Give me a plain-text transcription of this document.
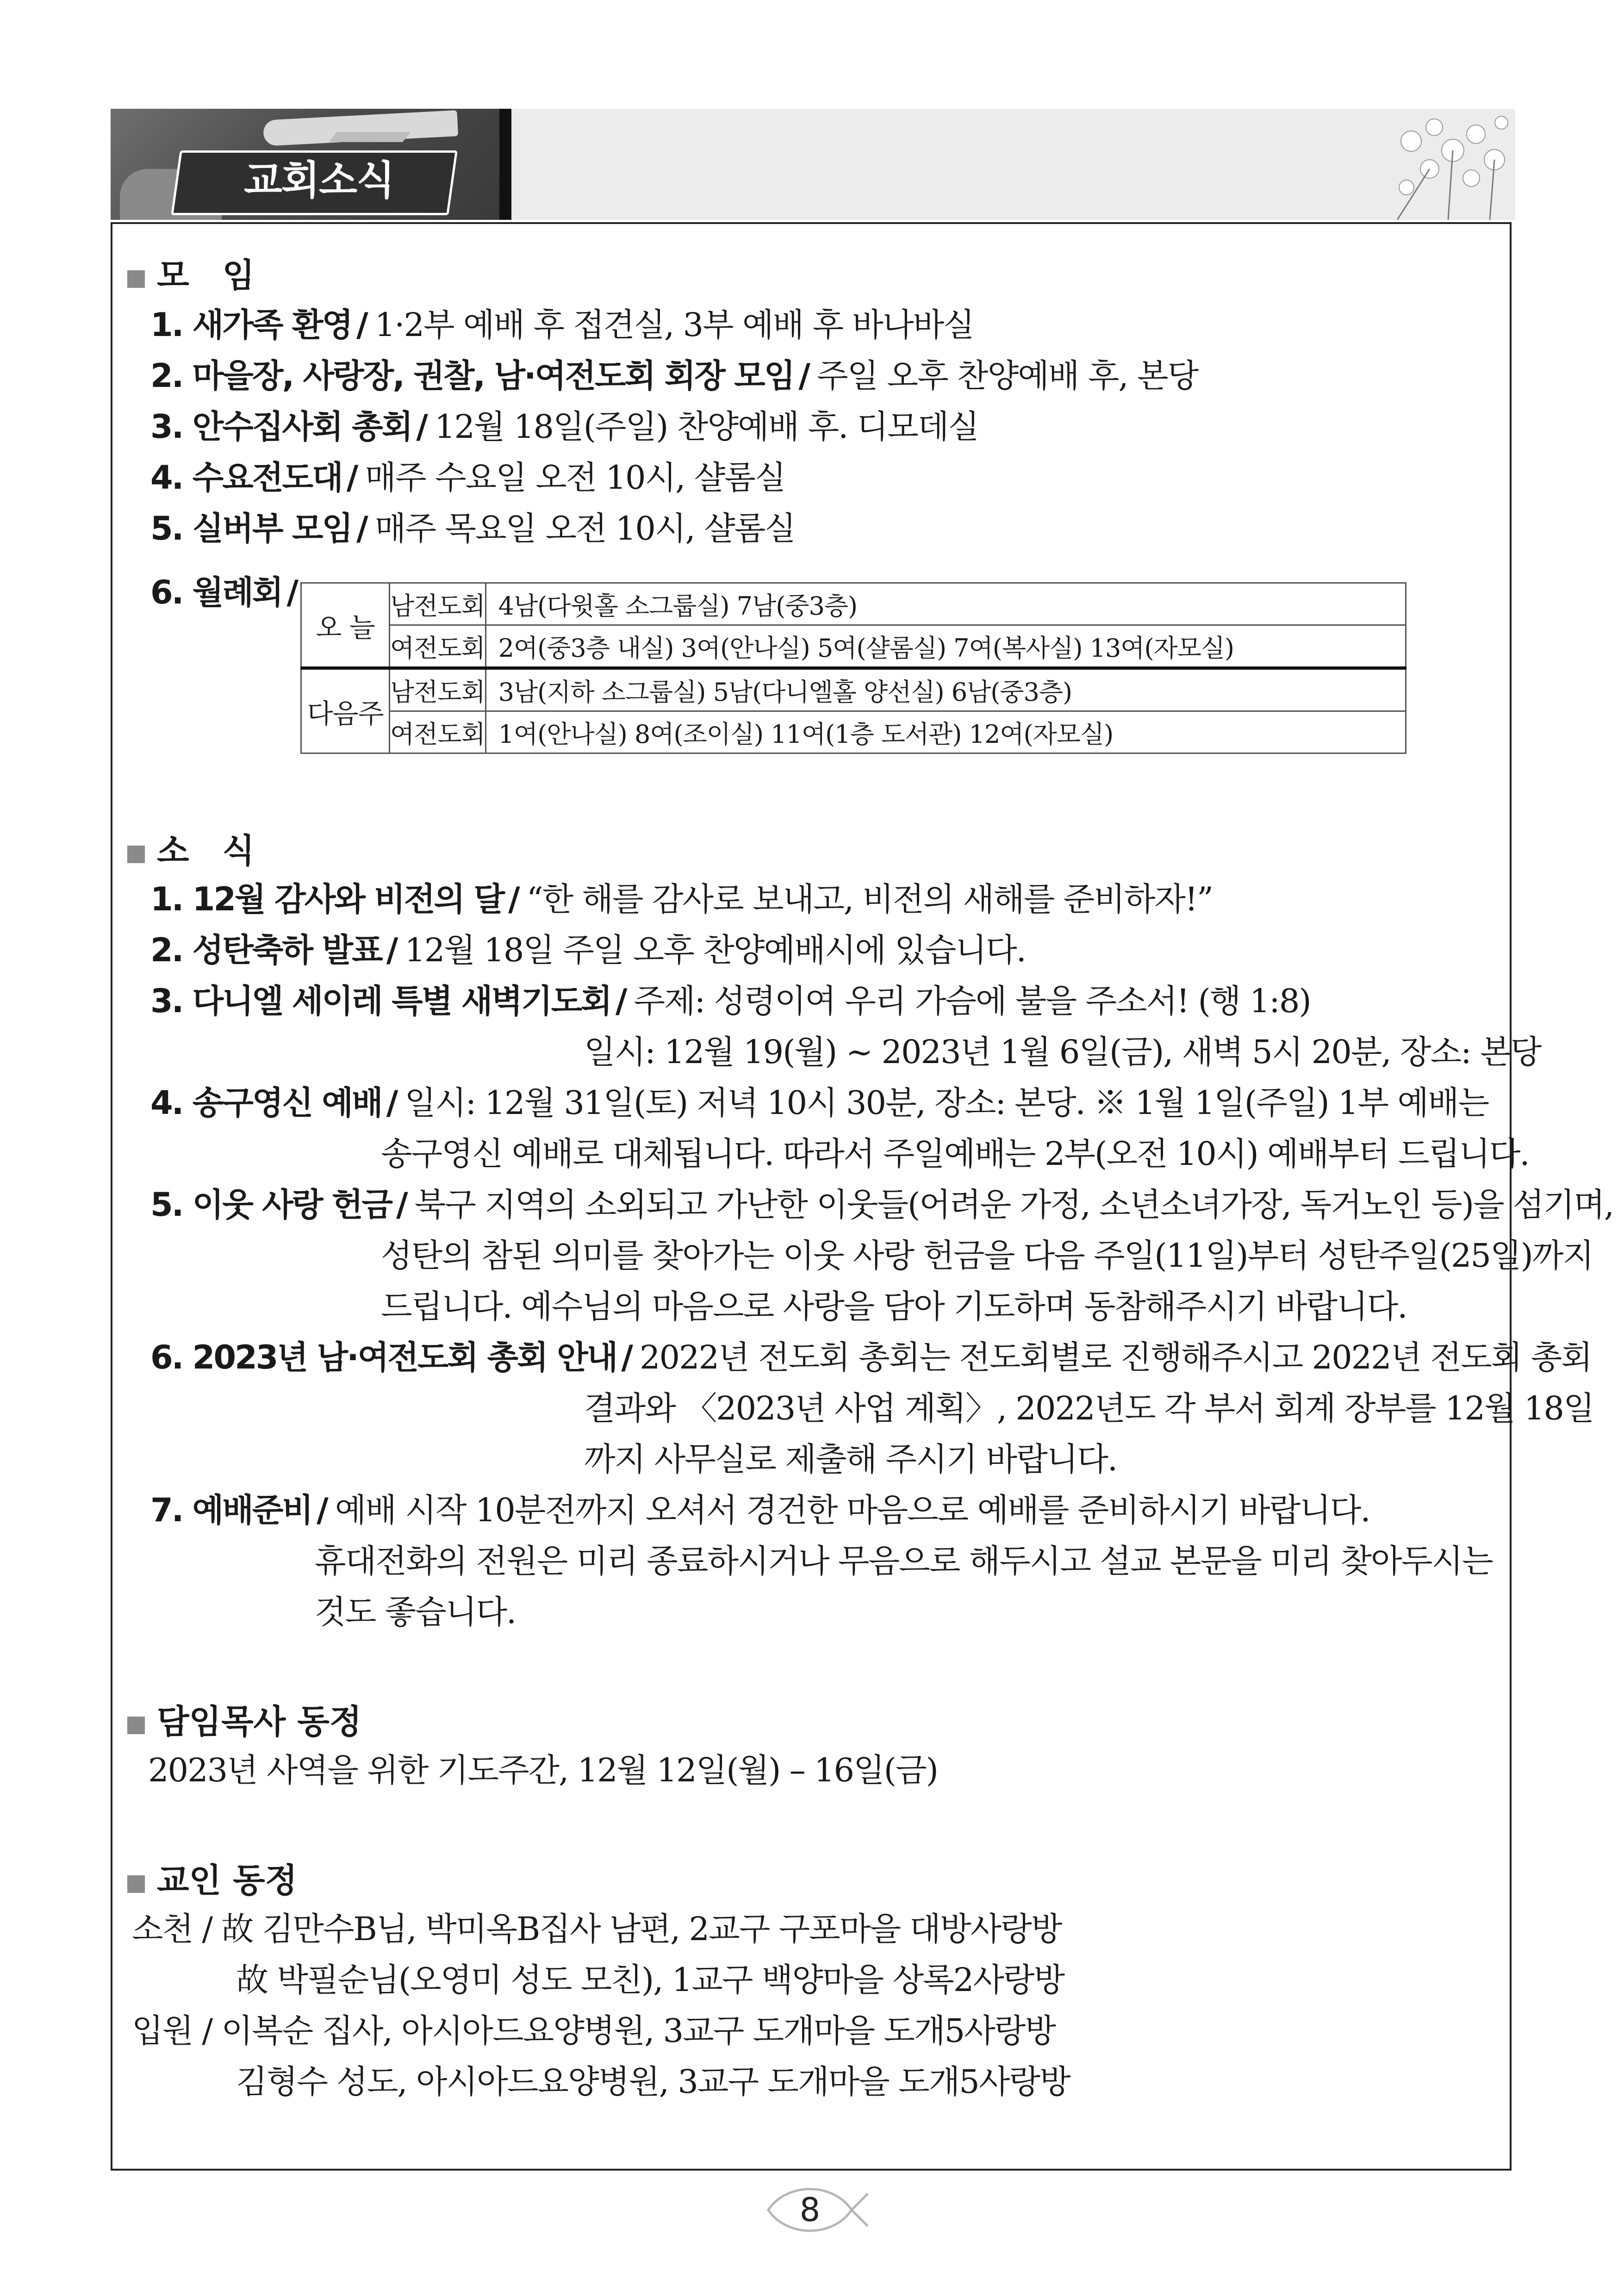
교회소식
모　임
1. 새가족 환영 / 1·2부 예배 후 접견실, 3부 예배 후 바나바실
2. 마을장, 사랑장, 권찰, 남·여전도회 회장 모임 / 주일 오후 찬양예배 후, 본당
3. 안수집사회 총회 / 12월 18일(주일) 찬양예배 후. 디모데실
4. 수요전도대 / 매주 수요일 오전 10시, 샬롬실
5. 실버부 모임 / 매주 목요일 오전 10시, 샬롬실
6. 월례회 /
오 늘	남전도회	4남(다윗홀 소그룹실) 7남(중3층)
	여전도회	2여(중3층 내실) 3여(안나실) 5여(샬롬실) 7여(복사실) 13여(자모실)
다음주	남전도회	3남(지하 소그룹실) 5남(다니엘홀 양선실) 6남(중3층)
	여전도회	1여(안나실) 8여(조이실) 11여(1층 도서관) 12여(자모실)
소　식
1. 12월 감사와 비전의 달 / “한 해를 감사로 보내고, 비전의 새해를 준비하자!”
2. 성탄축하 발표 / 12월 18일 주일 오후 찬양예배시에 있습니다.
3. 다니엘 세이레 특별 새벽기도회 / 주제: 성령이여 우리 가슴에 불을 주소서! (행 1:8)
일시: 12월 19(월) ~ 2023년 1월 6일(금), 새벽 5시 20분, 장소: 본당
4. 송구영신 예배 / 일시: 12월 31일(토) 저녁 10시 30분, 장소: 본당. ※ 1월 1일(주일) 1부 예배는
송구영신 예배로 대체됩니다. 따라서 주일예배는 2부(오전 10시) 예배부터 드립니다.
5. 이웃 사랑 헌금 / 북구 지역의 소외되고 가난한 이웃들(어려운 가정, 소년소녀가장, 독거노인 등)을 섬기며,
성탄의 참된 의미를 찾아가는 이웃 사랑 헌금을 다음 주일(11일)부터 성탄주일(25일)까지
드립니다. 예수님의 마음으로 사랑을 담아 기도하며 동참해주시기 바랍니다.
6. 2023년 남·여전도회 총회 안내 / 2022년 전도회 총회는 전도회별로 진행해주시고 2022년 전도회 총회
결과와 〈2023년 사업 계획〉, 2022년도 각 부서 회계 장부를 12월 18일
까지 사무실로 제출해 주시기 바랍니다.
7. 예배준비 / 예배 시작 10분전까지 오셔서 경건한 마음으로 예배를 준비하시기 바랍니다.
휴대전화의 전원은 미리 종료하시거나 무음으로 해두시고 설교 본문을 미리 찾아두시는
것도 좋습니다.
담임목사 동정
2023년 사역을 위한 기도주간, 12월 12일(월) – 16일(금)
교인 동정
소천 / 故 김만수B님, 박미옥B집사 남편, 2교구 구포마을 대방사랑방
故 박필순님(오영미 성도 모친), 1교구 백양마을 상록2사랑방
입원 / 이복순 집사, 아시아드요양병원, 3교구 도개마을 도개5사랑방
김형수 성도, 아시아드요양병원, 3교구 도개마을 도개5사랑방
8
